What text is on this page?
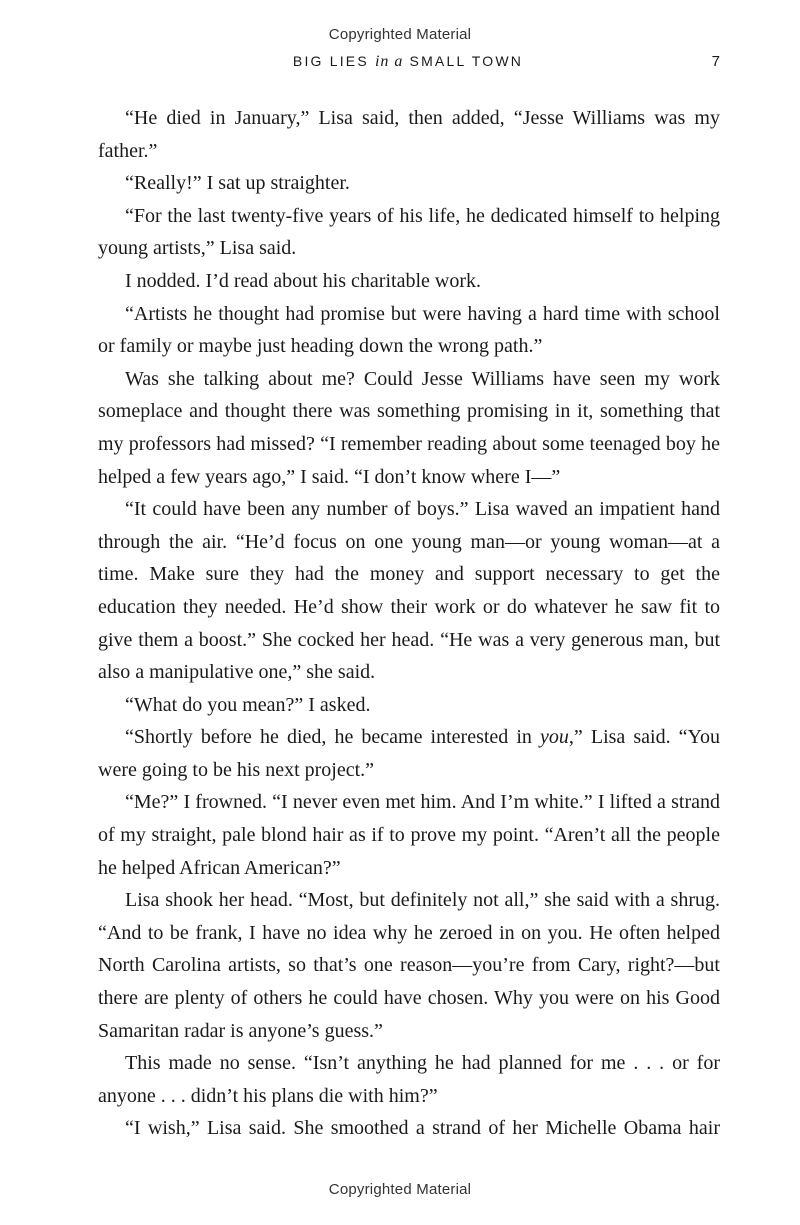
Copyrighted Material
BIG LIES in a SMALL TOWN	7

“He died in January,” Lisa said, then added, “Jesse Williams was my father.”

“Really!” I sat up straighter.

“For the last twenty-five years of his life, he dedicated himself to helping young artists,” Lisa said.

I nodded. I’d read about his charitable work.

“Artists he thought had promise but were having a hard time with school or family or maybe just heading down the wrong path.”

Was she talking about me? Could Jesse Williams have seen my work someplace and thought there was something promising in it, something that my professors had missed? “I remember reading about some teenaged boy he helped a few years ago,” I said. “I don’t know where I—”

“It could have been any number of boys.” Lisa waved an impatient hand through the air. “He’d focus on one young man—or young woman—at a time. Make sure they had the money and support necessary to get the education they needed. He’d show their work or do whatever he saw fit to give them a boost.” She cocked her head. “He was a very generous man, but also a manipulative one,” she said.

“What do you mean?” I asked.

“Shortly before he died, he became interested in you,” Lisa said. “You were going to be his next project.”

“Me?” I frowned. “I never even met him. And I’m white.” I lifted a strand of my straight, pale blond hair as if to prove my point. “Aren’t all the people he helped African American?”

Lisa shook her head. “Most, but definitely not all,” she said with a shrug. “And to be frank, I have no idea why he zeroed in on you. He often helped North Carolina artists, so that’s one reason—you’re from Cary, right?—but there are plenty of others he could have chosen. Why you were on his Good Samaritan radar is anyone’s guess.”

This made no sense. “Isn’t anything he had planned for me . . . or for anyone . . . didn’t his plans die with him?”

“I wish,” Lisa said. She smoothed a strand of her Michelle Obama hair

Copyrighted Material
